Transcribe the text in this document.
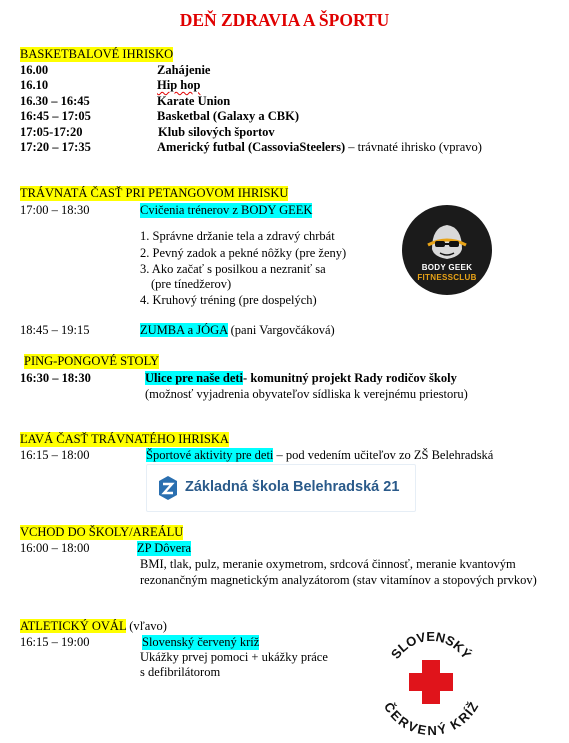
DEŇ ZDRAVIA A ŠPORTU
BASKETBALOVÉ IHRISKO
16.00	Zahájenie
16.10	Hip hop
16.30 – 16:45	Karate Union
16:45 – 17:05	Basketbal (Galaxy a CBK)
17:05-17:20	Klub silových športov
17:20 – 17:35	Americký futbal (CassoviaSteelers) – trávnaté ihrisko (vpravo)
TRÁVNATÁ ČASŤ PRI PETANGOVOM IHRISKU
17:00 – 18:30	Cvičenia trénerov z BODY GEEK
1. Správne držanie tela a zdravý chrbát
2. Pevný zadok a pekné nôžky (pre ženy)
3. Ako začať s posilkou a nezraniť sa
(pre tínedžerov)
4. Kruhový tréning (pre dospelých)
18:45 – 19:15	ZUMBA a JÓGA (pani Vargovčáková)
BODY GEEK
FITNESSCLUB
PING-PONGOVÉ STOLY
16:30 – 18:30	Ulice pre naše deti- komunitný projekt Rady rodičov školy
(možnosť vyjadrenia obyvateľov sídliska k verejnému priestoru)
ĽAVÁ ČASŤ TRÁVNATÉHO IHRISKA
16:15 – 18:00	Športové aktivity pre deti – pod vedením učiteľov zo ZŠ Belehradská
Základná škola Belehradská 21
VCHOD DO ŠKOLY/AREÁLU
16:00 – 18:00	ZP Dôvera
BMI, tlak, pulz, meranie oxymetrom, srdcová činnosť, meranie kvantovým rezonančným magnetickým analyzátorom (stav vitamínov a stopových prvkov)
ATLETICKÝ OVÁL (vľavo)
16:15 – 19:00	Slovenský červený kríž
Ukážky prvej pomoci + ukážky práce
s defibrilátorom
SLOVENSKÝ
ČERVENÝ KRÍŽ
